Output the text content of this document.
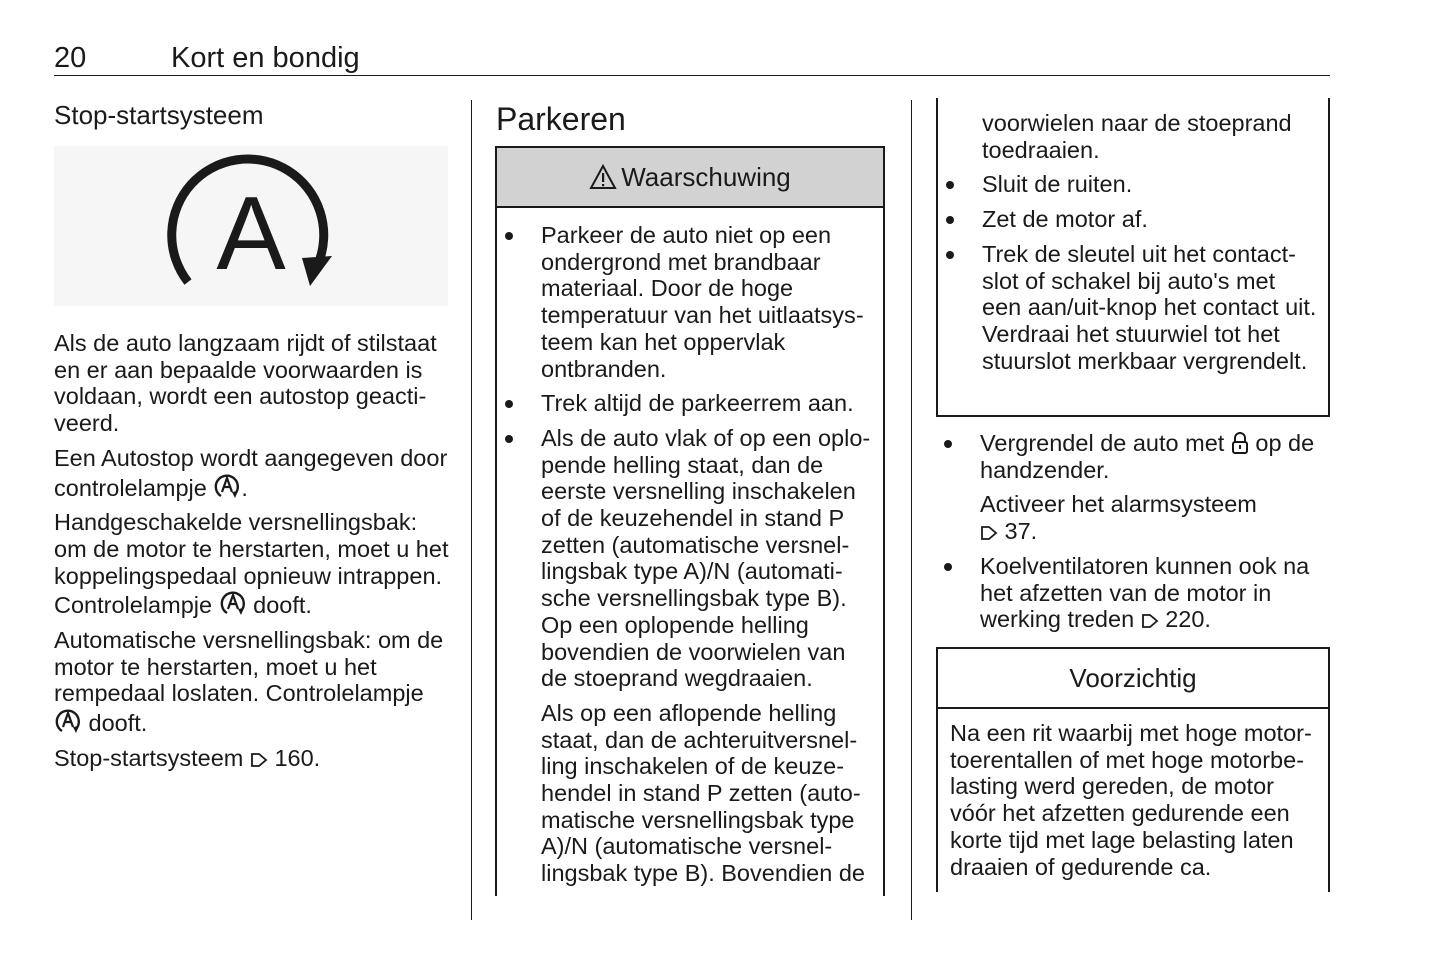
20	Kort en bondig
Stop-startsysteem
A

Als de auto langzaam rijdt of stilstaat en er aan bepaalde voorwaarden is voldaan, wordt een autostop geactiveerd.

Een Autostop wordt aangegeven door controlelampje .

Handgeschakelde versnellingsbak: om de motor te herstarten, moet u het koppelingspedaal opnieuw intrappen. Controlelampje  dooft.

Automatische versnellingsbak: om de motor te herstarten, moet u het rempedaal loslaten. Controlelampje  dooft.

Stop-startsysteem  160.

Parkeren
Waarschuwing
Parkeer de auto niet op een ondergrond met brandbaar materiaal. Door de hoge temperatuur van het uitlaatsysteem kan het oppervlak ontbranden.
Trek altijd de parkeerrem aan.
Als de auto vlak of op een oplopende helling staat, dan de eerste versnelling inschakelen of de keuzehendel in stand P zetten (automatische versnellingsbak type A)/N (automatische versnellingsbak type B). Op een oplopende helling bovendien de voorwielen van de stoeprand wegdraaien.
Als op een aflopende helling staat, dan de achteruitversnelling inschakelen of de keuzehendel in stand P zetten (automatische versnellingsbak type A)/N (automatische versnellingsbak type B). Bovendien de
voorwielen naar de stoeprand toedraaien.
Sluit de ruiten.
Zet de motor af.
Trek de sleutel uit het contactslot of schakel bij auto's met een aan/uit-knop het contact uit. Verdraai het stuurwiel tot het stuurslot merkbaar vergrendelt.
Vergrendel de auto met  op de handzender.
Activeer het alarmsysteem
37.
Koelventilatoren kunnen ook na het afzetten van de motor in werking treden  220.
Voorzichtig
Na een rit waarbij met hoge motortoerentallen of met hoge motorbelasting werd gereden, de motor vóór het afzetten gedurende een korte tijd met lage belasting laten draaien of gedurende ca.
